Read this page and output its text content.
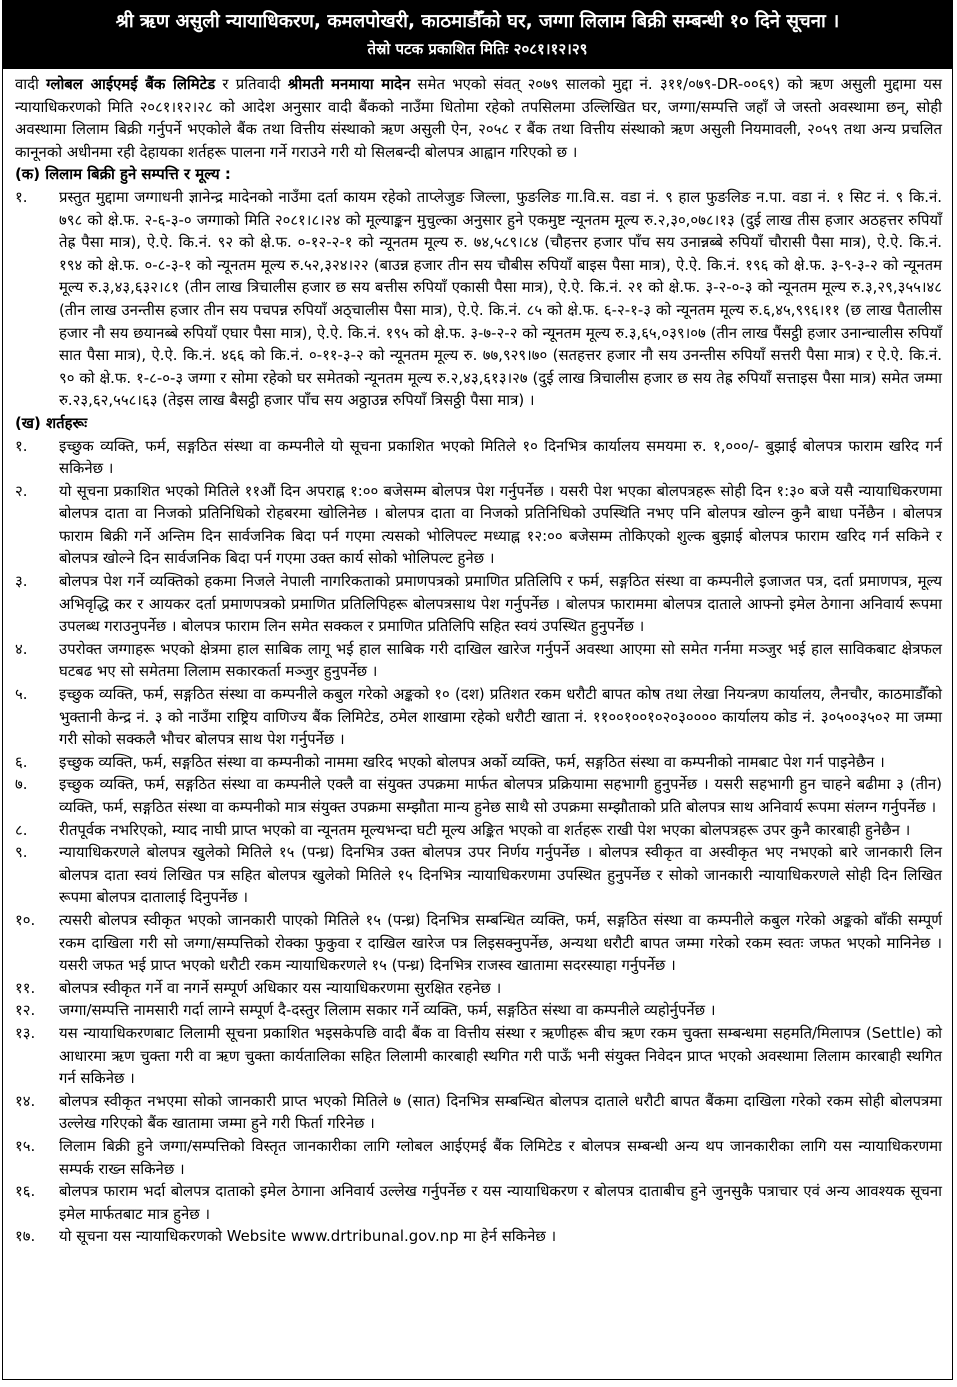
श्री ऋण असुली न्यायाधिकरण, कमलपोखरी, काठमाडौँको घर, जग्गा लिलाम बिक्री सम्बन्धी १० दिने सूचना ।
तेस्रो पटक प्रकाशित मितिः २०८१।१२।२९

वादी ग्लोबल आईएमई बैंक लिमिटेड र प्रतिवादी श्रीमती मनमाया मादेन समेत भएको संवत् २०७९ सालको मुद्दा नं. ३११/०७९-DR-००६९) को ऋण असुली मुद्दामा यस न्यायाधिकरणको मिति २०८१।१२।२८ को आदेश अनुसार वादी बैंकको नाउँमा धितोमा रहेको तपसिलमा उल्लिखित घर, जग्गा/सम्पत्ति जहाँ जे जस्तो अवस्थामा छन्, सोही अवस्थामा लिलाम बिक्री गर्नुपर्ने भएकोले बैंक तथा वित्तीय संस्थाको ऋण असुली ऐन, २०५८ र बैंक तथा वित्तीय संस्थाको ऋण असुली नियमावली, २०५९ तथा अन्य प्रचलित कानूनको अधीनमा रही देहायका शर्तहरू पालना गर्ने गराउने गरी यो सिलबन्दी बोलपत्र आह्वान गरिएको छ ।

(क) लिलाम बिक्री हुने सम्पत्ति र मूल्य :

१.	प्रस्तुत मुद्दामा जग्गाधनी ज्ञानेन्द्र मादेनको नाउँमा दर्ता कायम रहेको ताप्लेजुङ जिल्ला, फुङलिङ गा.वि.स. वडा नं. ९ हाल फुङलिङ न.पा. वडा नं. १ सिट नं. ९ कि.नं. ७९८ को क्षे.फ. २-६-३-० जग्गाको मिति २०८१।८।२४ को मूल्याङ्कन मुचुल्का अनुसार हुने एकमुष्ट न्यूनतम मूल्य रु.२,३०,०७८।१३ (दुई लाख तीस हजार अठहत्तर रुपियाँ तेह्र पैसा मात्र), ऐ.ऐ. कि.नं. ९२ को क्षे.फ. ०-१२-२-१ को न्यूनतम मूल्य रु. ७४,५८९।८४ (चौहत्तर हजार पाँच सय उनान्नब्बे रुपियाँ चौरासी पैसा मात्र), ऐ.ऐ. कि.नं. १९४ को क्षे.फ. ०-८-३-१ को न्यूनतम मूल्य रु.५२,३२४।२२ (बाउन्न हजार तीन सय चौबीस रुपियाँ बाइस पैसा मात्र), ऐ.ऐ. कि.नं. १९६ को क्षे.फ. ३-९-३-२ को न्यूनतम मूल्य रु.३,४३,६३२।८१ (तीन लाख त्रिचालीस हजार छ सय बत्तीस रुपियाँ एकासी पैसा मात्र), ऐ.ऐ. कि.नं. २१ को क्षे.फ. ३-२-०-३ को न्यूनतम मूल्य रु.३,२९,३५५।४८ (तीन लाख उनन्तीस हजार तीन सय पचपन्न रुपियाँ अठ्चालीस पैसा मात्र), ऐ.ऐ. कि.नं. ८५ को क्षे.फ. ६-२-१-३ को न्यूनतम मूल्य रु.६,४५,९९६।११ (छ लाख पैतालीस हजार नौ सय छयानब्बे रुपियाँ एघार पैसा मात्र), ऐ.ऐ. कि.नं. १९५ को क्षे.फ. ३-७-२-२ को न्यूनतम मूल्य रु.३,६५,०३९।०७ (तीन लाख पैंसट्ठी हजार उनान्चालीस रुपियाँ सात पैसा मात्र), ऐ.ऐ. कि.नं. ४६६ को कि.नं. ०-११-३-२ को न्यूनतम मूल्य रु. ७७,९२९।७० (सतहत्तर हजार नौ सय उनन्तीस रुपियाँ सत्तरी पैसा मात्र) र ऐ.ऐ. कि.नं. ९० को क्षे.फ. १-८-०-३ जग्गा र सोमा रहेको घर समेतको न्यूनतम मूल्य रु.२,४३,६१३।२७ (दुई लाख त्रिचालीस हजार छ सय तेह्र रुपियाँ सत्ताइस पैसा मात्र) समेत जम्मा रु.२३,६२,५५८।६३ (तेइस लाख बैसट्ठी हजार पाँच सय अठ्ठाउन्न रुपियाँ त्रिसठ्ठी पैसा मात्र) ।

(ख) शर्तहरूः

१.	इच्छुक व्यक्ति, फर्म, सङ्गठित संस्था वा कम्पनीले यो सूचना प्रकाशित भएको मितिले १० दिनभित्र कार्यालय समयमा रु. १,०००/- बुझाई बोलपत्र फाराम खरिद गर्न सकिनेछ ।
२.	यो सूचना प्रकाशित भएको मितिले ११औं दिन अपराह्न १:०० बजेसम्म बोलपत्र पेश गर्नुपर्नेछ । यसरी पेश भएका बोलपत्रहरू सोही दिन १:३० बजे यसै न्यायाधिकरणमा बोलपत्र दाता वा निजको प्रतिनिधिको रोहबरमा खोलिनेछ । बोलपत्र दाता वा निजको प्रतिनिधिको उपस्थिति नभए पनि बोलपत्र खोल्न कुनै बाधा पर्नेछैन । बोलपत्र फाराम बिक्री गर्ने अन्तिम दिन सार्वजनिक बिदा पर्न गएमा त्यसको भोलिपल्ट मध्याह्न १२:०० बजेसम्म तोकिएको शुल्क बुझाई बोलपत्र फाराम खरिद गर्न सकिने र बोलपत्र खोल्ने दिन सार्वजनिक बिदा पर्न गएमा उक्त कार्य सोको भोलिपल्ट हुनेछ ।
३.	बोलपत्र पेश गर्ने व्यक्तिको हकमा निजले नेपाली नागरिकताको प्रमाणपत्रको प्रमाणित प्रतिलिपि र फर्म, सङ्गठित संस्था वा कम्पनीले इजाजत पत्र, दर्ता प्रमाणपत्र, मूल्य अभिवृद्धि कर र आयकर दर्ता प्रमाणपत्रको प्रमाणित प्रतिलिपिहरू बोलपत्रसाथ पेश गर्नुपर्नेछ । बोलपत्र फाराममा बोलपत्र दाताले आफ्नो इमेल ठेगाना अनिवार्य रूपमा उपलब्ध गराउनुपर्नेछ । बोलपत्र फाराम लिन समेत सक्कल र प्रमाणित प्रतिलिपि सहित स्वयं उपस्थित हुनुपर्नेछ ।
४.	उपरोक्त जग्गाहरू भएको क्षेत्रमा हाल साबिक लागू भई हाल साबिक गरी दाखिल खारेज गर्नुपर्ने अवस्था आएमा सो समेत गर्नमा मञ्जुर भई हाल साविकबाट क्षेत्रफल घटबढ भए सो समेतमा लिलाम सकारकर्ता मञ्जुर हुनुपर्नेछ ।
५.	इच्छुक व्यक्ति, फर्म, सङ्गठित संस्था वा कम्पनीले कबुल गरेको अङ्कको १० (दश) प्रतिशत रकम धरौटी बापत कोष तथा लेखा नियन्त्रण कार्यालय, लैनचौर, काठमाडौँको भुक्तानी केन्द्र नं. ३ को नाउँमा राष्ट्रिय वाणिज्य बैंक लिमिटेड, ठमेल शाखामा रहेको धरौटी खाता नं. ११००१००१०२०३०००० कार्यालय कोड नं. ३०५००३५०२ मा जम्मा गरी सोको सक्कलै भौचर बोलपत्र साथ पेश गर्नुपर्नेछ ।
६.	इच्छुक व्यक्ति, फर्म, सङ्गठित संस्था वा कम्पनीको नाममा खरिद भएको बोलपत्र अर्को व्यक्ति, फर्म, सङ्गठित संस्था वा कम्पनीको नामबाट पेश गर्न पाइनेछैन ।
७.	इच्छुक व्यक्ति, फर्म, सङ्गठित संस्था वा कम्पनीले एक्लै वा संयुक्त उपक्रमा मार्फत बोलपत्र प्रक्रियामा सहभागी हुनुपर्नेछ । यसरी सहभागी हुन चाहने बढीमा ३ (तीन) व्यक्ति, फर्म, सङ्गठित संस्था वा कम्पनीको मात्र संयुक्त उपक्रमा सम्झौता मान्य हुनेछ साथै सो उपक्रमा सम्झौताको प्रति बोलपत्र साथ अनिवार्य रूपमा संलग्न गर्नुपर्नेछ ।
८.	रीतपूर्वक नभरिएको, म्याद नाघी प्राप्त भएको वा न्यूनतम मूल्यभन्दा घटी मूल्य अङ्कित भएको वा शर्तहरू राखी पेश भएका बोलपत्रहरू उपर कुनै कारबाही हुनेछैन ।
९.	न्यायाधिकरणले बोलपत्र खुलेको मितिले १५ (पन्ध्र) दिनभित्र उक्त बोलपत्र उपर निर्णय गर्नुपर्नेछ । बोलपत्र स्वीकृत वा अस्वीकृत भए नभएको बारे जानकारी लिन बोलपत्र दाता स्वयं लिखित पत्र सहित बोलपत्र खुलेको मितिले १५ दिनभित्र न्यायाधिकरणमा उपस्थित हुनुपर्नेछ र सोको जानकारी न्यायाधिकरणले सोही दिन लिखित रूपमा बोलपत्र दातालाई दिनुपर्नेछ ।
१०.	त्यसरी बोलपत्र स्वीकृत भएको जानकारी पाएको मितिले १५ (पन्ध्र) दिनभित्र सम्बन्धित व्यक्ति, फर्म, सङ्गठित संस्था वा कम्पनीले कबुल गरेको अङ्कको बाँकी सम्पूर्ण रकम दाखिला गरी सो जग्गा/सम्पत्तिको रोक्का फुकुवा र दाखिल खारेज पत्र लिइसक्नुपर्नेछ, अन्यथा धरौटी बापत जम्मा गरेको रकम स्वतः जफत भएको मानिनेछ । यसरी जफत भई प्राप्त भएको धरौटी रकम न्यायाधिकरणले १५ (पन्ध्र) दिनभित्र राजस्व खातामा सदरस्याहा गर्नुपर्नेछ ।
११.	बोलपत्र स्वीकृत गर्ने वा नगर्ने सम्पूर्ण अधिकार यस न्यायाधिकरणमा सुरक्षित रहनेछ ।
१२.	जग्गा/सम्पत्ति नामसारी गर्दा लाग्ने सम्पूर्ण दै-दस्तुर लिलाम सकार गर्ने व्यक्ति, फर्म, सङ्गठित संस्था वा कम्पनीले व्यहोर्नुपर्नेछ ।
१३.	यस न्यायाधिकरणबाट लिलामी सूचना प्रकाशित भइसकेपछि वादी बैंक वा वित्तीय संस्था र ऋणीहरू बीच ऋण रकम चुक्ता सम्बन्धमा सहमति/मिलापत्र (Settle) को आधारमा ऋण चुक्ता गरी वा ऋण चुक्ता कार्यतालिका सहित लिलामी कारबाही स्थगित गरी पाऊँ भनी संयुक्त निवेदन प्राप्त भएको अवस्थामा लिलाम कारबाही स्थगित गर्न सकिनेछ ।
१४.	बोलपत्र स्वीकृत नभएमा सोको जानकारी प्राप्त भएको मितिले ७ (सात) दिनभित्र सम्बन्धित बोलपत्र दाताले धरौटी बापत बैंकमा दाखिला गरेको रकम सोही बोलपत्रमा उल्लेख गरिएको बैंक खातामा जम्मा हुने गरी फिर्ता गरिनेछ ।
१५.	लिलाम बिक्री हुने जग्गा/सम्पत्तिको विस्तृत जानकारीका लागि ग्लोबल आईएमई बैंक लिमिटेड र बोलपत्र सम्बन्धी अन्य थप जानकारीका लागि यस न्यायाधिकरणमा सम्पर्क राख्न सकिनेछ ।
१६.	बोलपत्र फाराम भर्दा बोलपत्र दाताको इमेल ठेगाना अनिवार्य उल्लेख गर्नुपर्नेछ र यस न्यायाधिकरण र बोलपत्र दाताबीच हुने जुनसुकै पत्राचार एवं अन्य आवश्यक सूचना इमेल मार्फतबाट मात्र हुनेछ ।
१७.	यो सूचना यस न्यायाधिकरणको Website www.drtribunal.gov.np मा हेर्न सकिनेछ ।
